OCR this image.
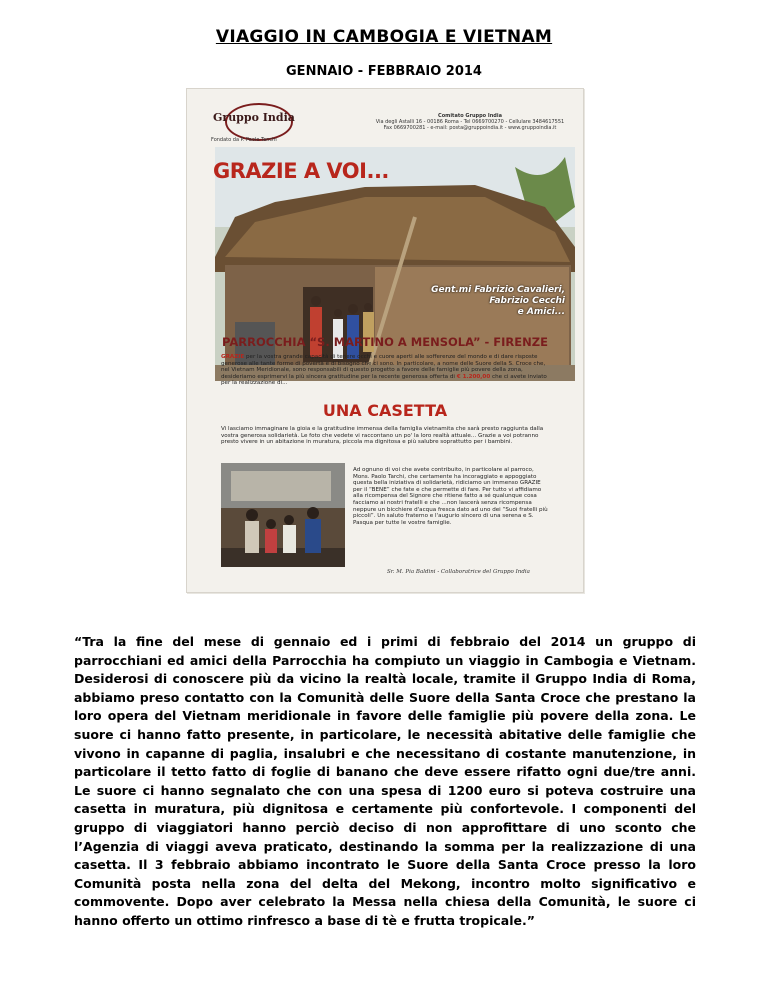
VIAGGIO IN CAMBOGIA E VIETNAM
GENNAIO - FEBBRAIO 2014
Gruppo India
Fondato da P. Paolo Tanchi
Comitato Gruppo India
Via degli Astalli 16 - 00186 Roma - Tel 0669700270 - Cellulare 3484617551
Fax 0669700281 - e-mail: posta@gruppoindia.it - www.gruppoindia.it
GRAZIE A VOI...
Gent.mi Fabrizio Cavalieri,
Fabrizio Cecchi
e Amici...
PARROCCHIA “S. MARTINO A MENSOLA” - FIRENZE
GRAZIE per la vostra grande capacità di tenere occhi e cuore aperti alle sofferenze del mondo e di dare risposte generose alle tante forme di povertà e di bisogno che ci sono. In particolare, a nome delle Suore della S. Croce che, nel Vietnam Meridionale, sono responsabili di questo progetto a favore delle famiglie più povere della zona, desideriamo esprimervi la più sincera gratitudine per la recente generosa offerta di € 1.200,00 che ci avete inviato per la realizzazione di...
UNA CASETTA
Vi lasciamo immaginare la gioia e la gratitudine immensa della famiglia vietnamita che sarà presto raggiunta dalla vostra generosa solidarietà. Le foto che vedete vi raccontano un po' la loro realtà attuale... Grazie a voi potranno presto vivere in un abitazione in muratura, piccola ma dignitosa e più salubre soprattutto per i bambini.
Ad ognuno di voi che avete contribuito, in particolare al parroco, Mons. Paolo Tarchi, che certamente ha incoraggiato e appoggiato questa bella iniziativa di solidarietà, ridiciamo un immenso GRAZIE per il “BENE” che fate e che permette di fare. Per tutto vi affidiamo alla ricompensa del Signore che ritiene fatto a sé qualunque cosa facciamo ai nostri fratelli e che ...non lascerà senza ricompensa neppure un bicchiere d'acqua fresca dato ad uno dei “Suoi fratelli più piccoli”. Un saluto fraterno e l'augurio sincero di una serena e S. Pasqua per tutte le vostre famiglie.
Sr. M. Pia Baldini - Collaboratrice del Gruppo India
“Tra la fine del mese di gennaio ed i primi di febbraio del 2014 un gruppo di parrocchiani ed amici della Parrocchia ha compiuto un viaggio in Cambogia e Vietnam. Desiderosi di conoscere più da vicino la realtà locale, tramite il Gruppo India di Roma, abbiamo preso contatto con la Comunità delle Suore della Santa Croce che prestano la loro opera del Vietnam meridionale in favore delle famiglie più povere della zona. Le suore ci hanno fatto presente, in particolare, le necessità abitative delle famiglie che vivono in capanne di paglia, insalubri e che necessitano di costante manutenzione, in particolare il tetto fatto di foglie di banano che deve essere rifatto ogni due/tre anni. Le suore ci hanno segnalato che con una spesa di 1200 euro si poteva costruire una casetta in muratura, più dignitosa e certamente più confortevole. I componenti del gruppo di viaggiatori hanno perciò deciso di non approfittare di uno sconto che l’Agenzia di viaggi aveva praticato, destinando la somma per la realizzazione di una casetta. Il 3 febbraio abbiamo incontrato le Suore della Santa Croce presso la loro Comunità posta nella zona del delta del Mekong, incontro molto significativo e commovente. Dopo aver celebrato la Messa nella chiesa della Comunità, le suore ci hanno offerto un ottimo rinfresco a base di tè e frutta tropicale.”
